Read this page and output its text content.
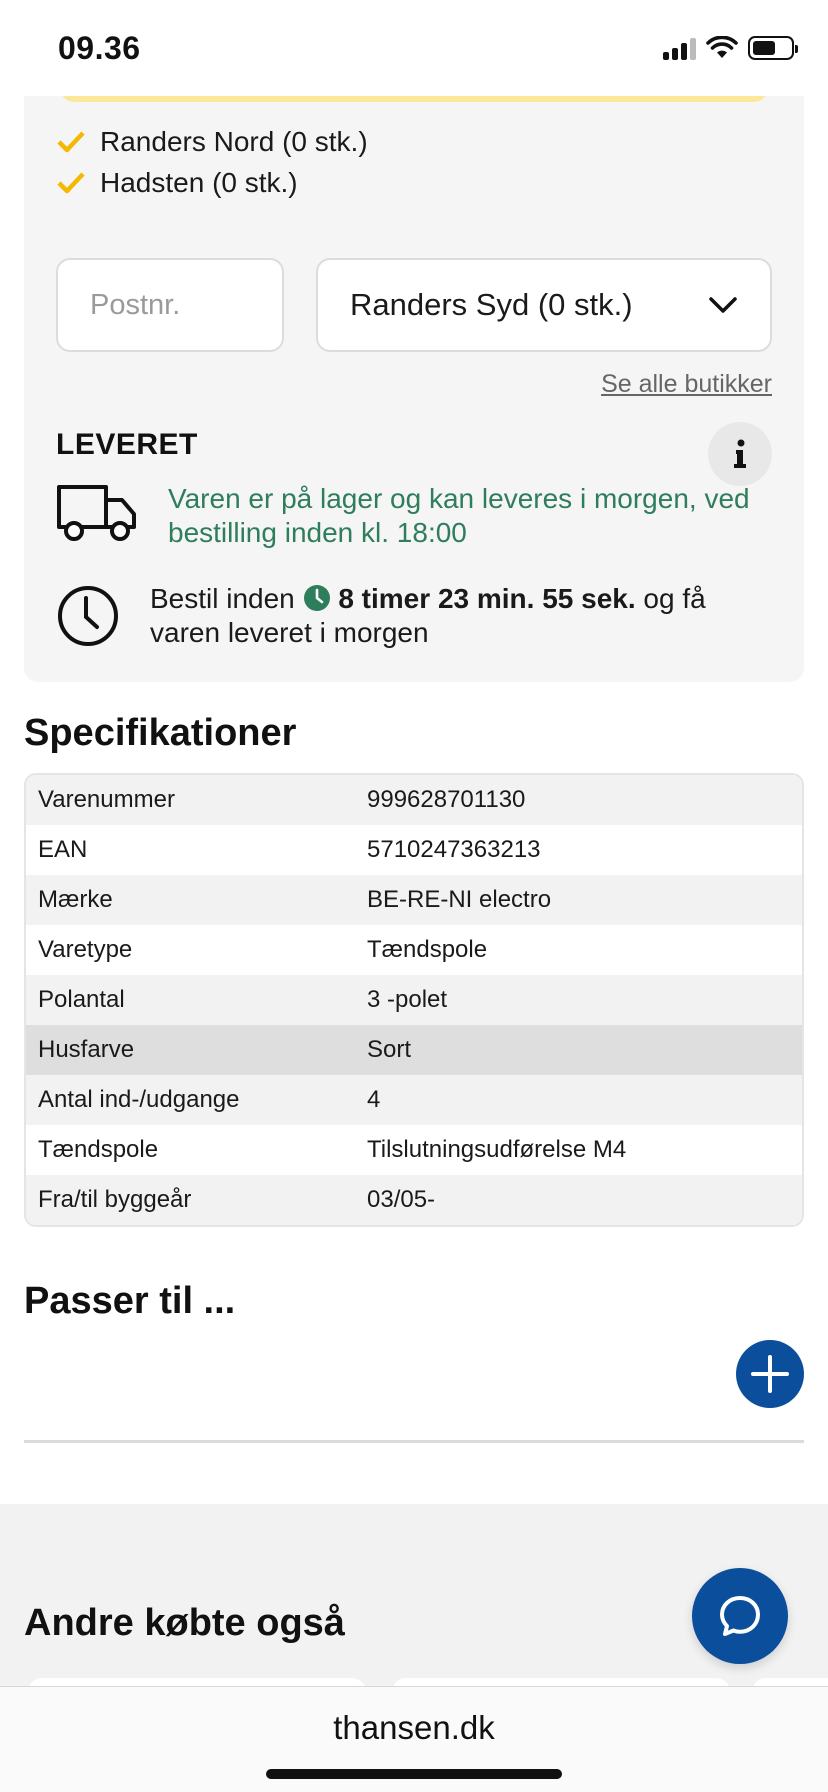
09.36
Randers Nord (0 stk.)
Hadsten (0 stk.)
Postnr.	Randers Syd (0 stk.)
Se alle butikker
LEVERET
Varen er på lager og kan leveres i morgen, ved bestilling inden kl. 18:00
Bestil inden 8 timer 23 min. 55 sek. og få
varen leveret i morgen
Specifikationer
Varenummer	999628701130
EAN	5710247363213
Mærke	BE-RE-NI electro
Varetype	Tændspole
Polantal	3 -polet
Husfarve	Sort
Antal ind-/udgange	4
Tændspole	Tilslutningsudførelse M4
Fra/til byggeår	03/05-
Passer til ...
Andre købte også
thansen.dk
